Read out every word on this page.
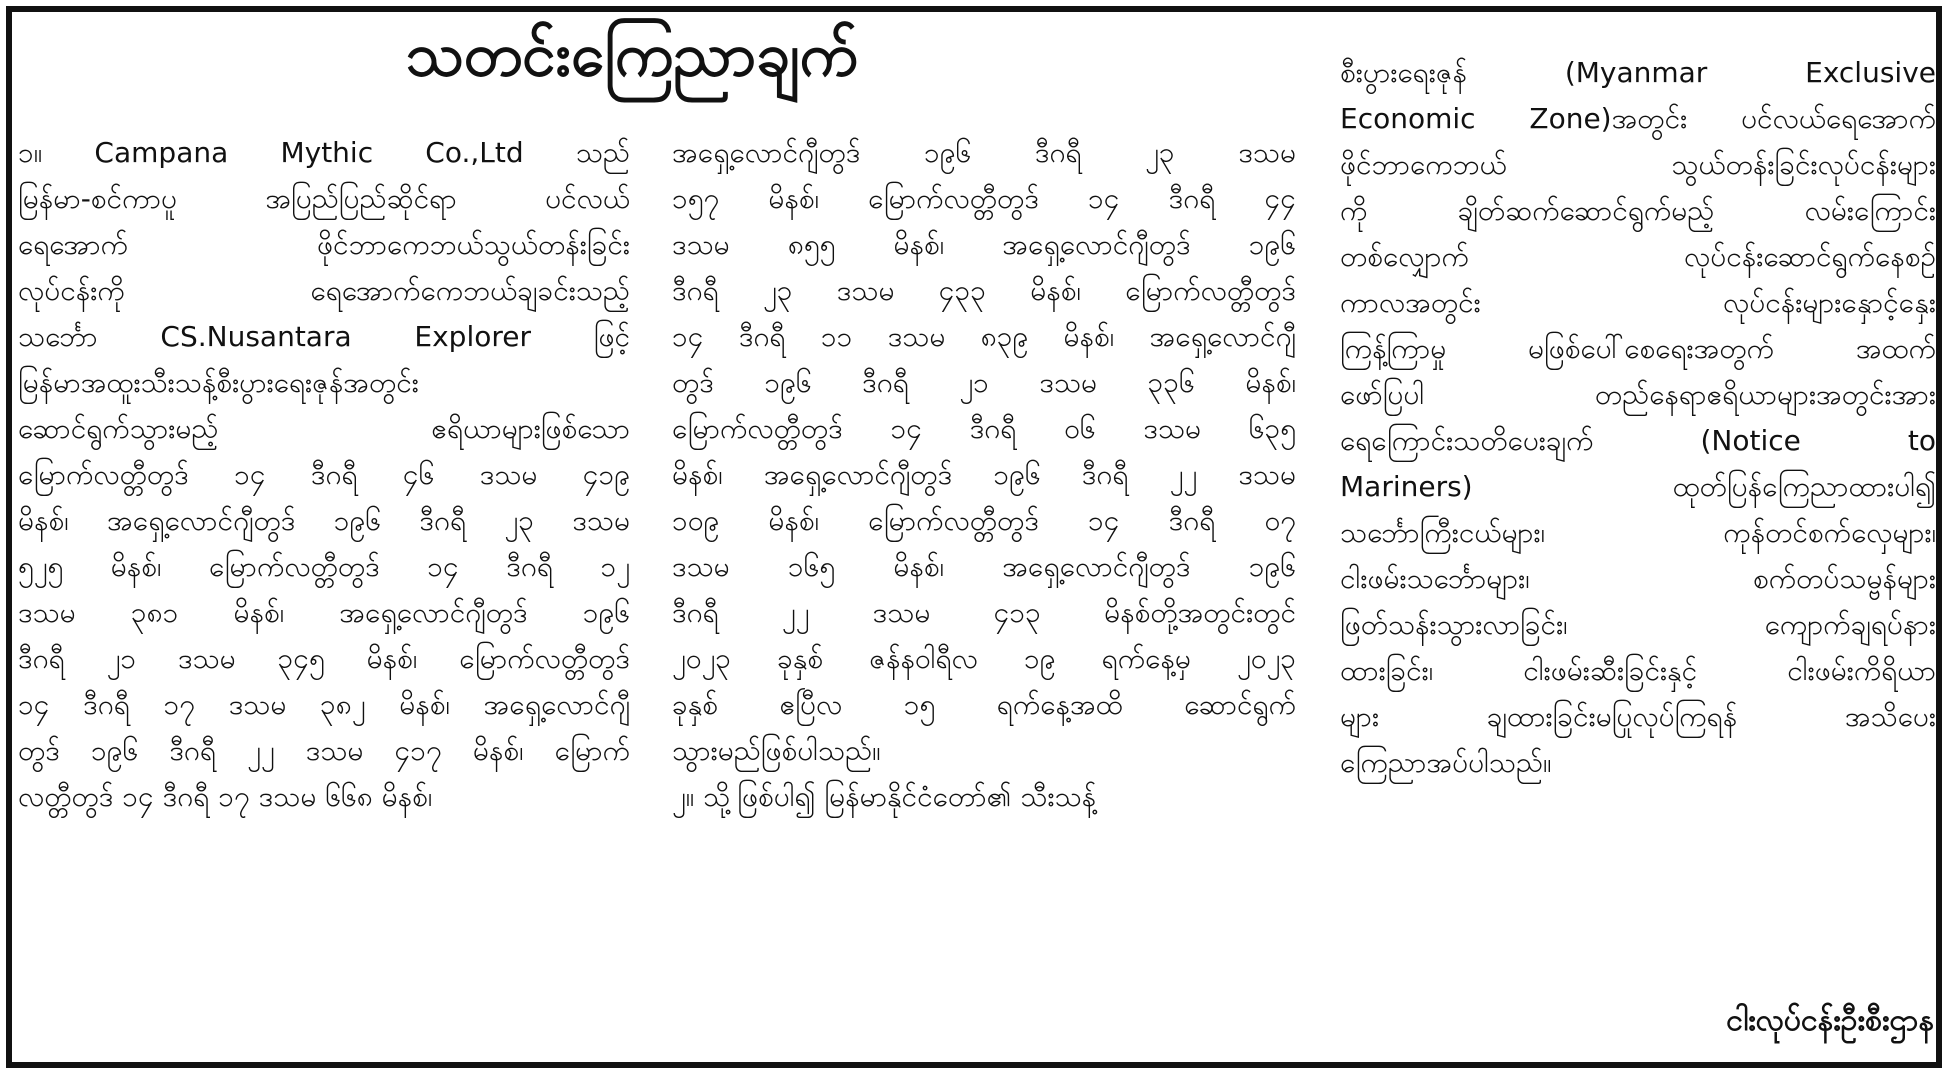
သတင်းကြေညာချက်
၁။ Campana Mythic Co.,Ltd သည်
မြန်မာ-စင်ကာပူ အပြည်ပြည်ဆိုင်ရာ ပင်လယ်
ရေအောက် ဖိုင်ဘာကေဘယ်သွယ်တန်းခြင်း
လုပ်ငန်းကို ရေအောက်ကေဘယ်ချခင်းသည့်
သင်္ဘော CS.Nusantara Explorer ဖြင့်
မြန်မာအထူးသီးသန့်စီးပွားရေးဇုန်အတွင်း
ဆောင်ရွက်သွားမည့် ဧရိယာများဖြစ်သော
မြောက်လတ္တီတွဒ် ၁၄ ဒီဂရီ ၄၆ ဒသမ ၄၁၉
မိနစ်၊ အရှေ့လောင်ဂျီတွဒ် ၁၉၆ ဒီဂရီ ၂၃ ဒသမ
၅၂၅ မိနစ်၊ မြောက်လတ္တီတွဒ် ၁၄ ဒီဂရီ ၁၂
ဒသမ ၃၈၁ မိနစ်၊ အရှေ့လောင်ဂျီတွဒ် ၁၉၆
ဒီဂရီ ၂၁ ဒသမ ၃၄၅ မိနစ်၊ မြောက်လတ္တီတွဒ်
၁၄ ဒီဂရီ ၁၇ ဒသမ ၃၈၂ မိနစ်၊ အရှေ့လောင်ဂျီ
တွဒ် ၁၉၆ ဒီဂရီ ၂၂ ဒသမ ၄၁၇ မိနစ်၊ မြောက်
လတ္တီတွဒ် ၁၄ ဒီဂရီ ၁၇ ဒသမ ၆၆၈ မိနစ်၊
အရှေ့လောင်ဂျီတွဒ် ၁၉၆ ဒီဂရီ ၂၃ ဒသမ
၁၅၇ မိနစ်၊ မြောက်လတ္တီတွဒ် ၁၄ ဒီဂရီ ၄၄
ဒသမ ၈၅၅ မိနစ်၊ အရှေ့လောင်ဂျီတွဒ် ၁၉၆
ဒီဂရီ ၂၃ ဒသမ ၄၃၃ မိနစ်၊ မြောက်လတ္တီတွဒ်
၁၄ ဒီဂရီ ၁၁ ဒသမ ၈၃၉ မိနစ်၊ အရှေ့လောင်ဂျီ
တွဒ် ၁၉၆ ဒီဂရီ ၂၁ ဒသမ ၃၃၆ မိနစ်၊
မြောက်လတ္တီတွဒ် ၁၄ ဒီဂရီ ၀၆ ဒသမ ၆၃၅
မိနစ်၊ အရှေ့လောင်ဂျီတွဒ် ၁၉၆ ဒီဂရီ ၂၂ ဒသမ
၁၀၉ မိနစ်၊ မြောက်လတ္တီတွဒ် ၁၄ ဒီဂရီ ၀၇
ဒသမ ၁၆၅ မိနစ်၊ အရှေ့လောင်ဂျီတွဒ် ၁၉၆
ဒီဂရီ ၂၂ ဒသမ ၄၁၃ မိနစ်တို့အတွင်းတွင်
၂၀၂၃ ခုနှစ် ဇန်နဝါရီလ ၁၉ ရက်နေ့မှ ၂၀၂၃
ခုနှစ် ဧပြီလ ၁၅ ရက်နေ့အထိ ဆောင်ရွက်
သွားမည်ဖြစ်ပါသည်။
၂။ သို့ဖြစ်ပါ၍ မြန်မာနိုင်ငံတော်၏ သီးသန့်
စီးပွားရေးဇုန် (Myanmar Exclusive
Economic Zone)အတွင်း ပင်လယ်ရေအောက်
ဖိုင်ဘာကေဘယ် သွယ်တန်းခြင်းလုပ်ငန်းများ
ကို ချိတ်ဆက်ဆောင်ရွက်မည့် လမ်းကြောင်း
တစ်လျှောက် လုပ်ငန်းဆောင်ရွက်နေစဉ်
ကာလအတွင်း လုပ်ငန်းများနှောင့်နှေး
ကြန့်ကြာမှု မဖြစ်ပေါ်စေရေးအတွက် အထက်
ဖော်ပြပါ တည်နေရာဧရိယာများအတွင်းအား
ရေကြောင်းသတိပေးချက် (Notice to
Mariners) ထုတ်ပြန်ကြေညာထားပါ၍
သင်္ဘောကြီးငယ်များ၊ ကုန်တင်စက်လှေများ၊
ငါးဖမ်းသင်္ဘောများ၊ စက်တပ်သမ္ဗန်များ
ဖြတ်သန်းသွားလာခြင်း၊ ကျောက်ချရပ်နား
ထားခြင်း၊ ငါးဖမ်းဆီးခြင်းနှင့် ငါးဖမ်းကိရိယာ
များ ချထားခြင်းမပြုလုပ်ကြရန် အသိပေး
ကြေညာအပ်ပါသည်။
ငါးလုပ်ငန်းဦးစီးဌာန
